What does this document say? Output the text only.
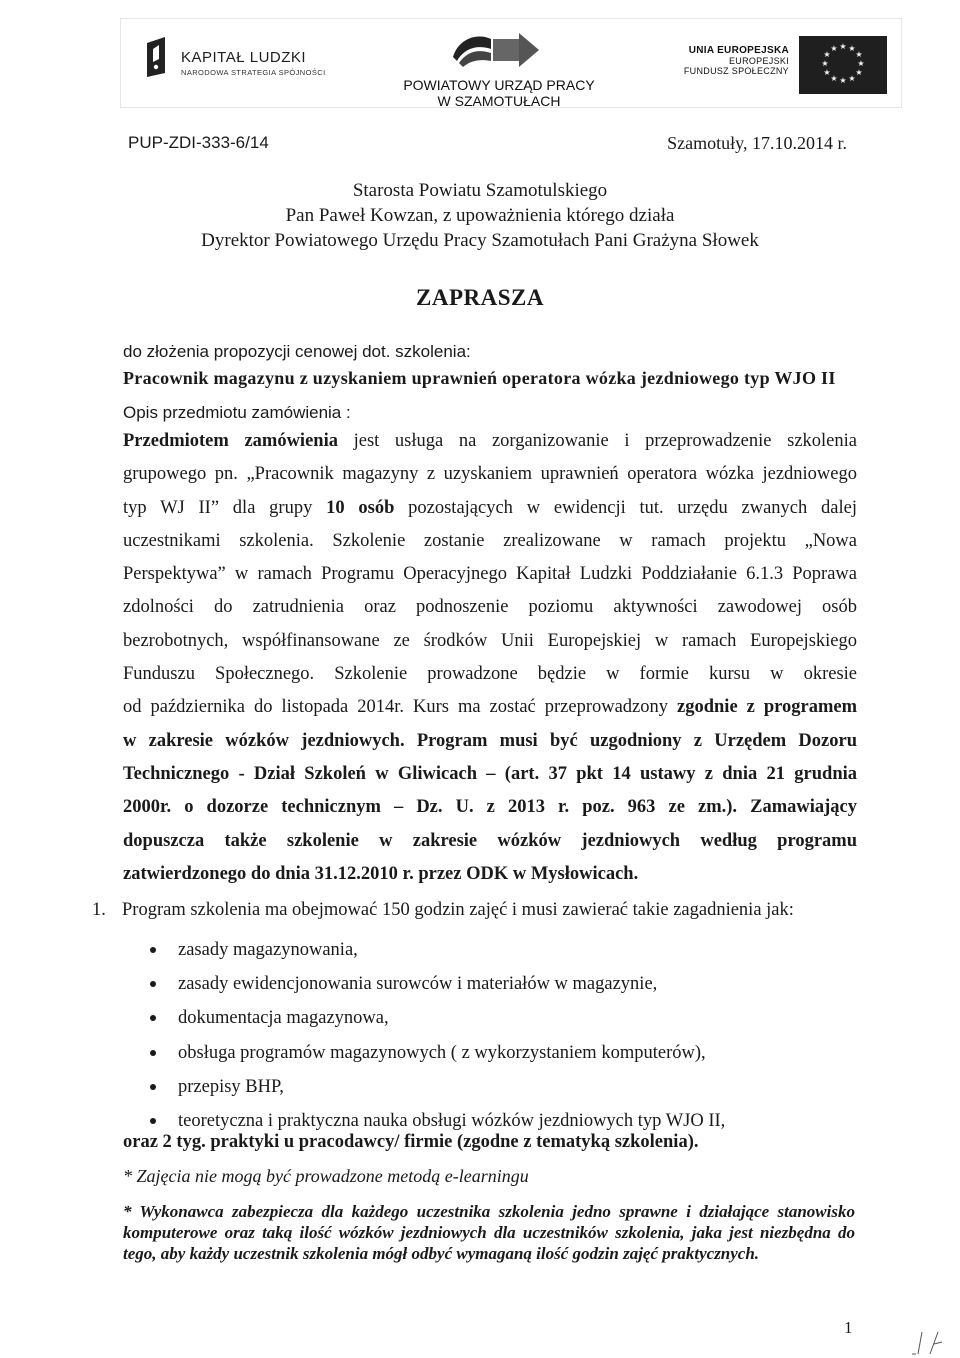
KAPITAŁ LUDZKI
NARODOWA STRATEGIA SPÓJNOŚCI
POWIATOWY URZĄD PRACY
W SZAMOTUŁACH
UNIA EUROPEJSKA
EUROPEJSKI
FUNDUSZ SPOŁECZNY
★ ★
★
★
★
★
★
★
★
★
★
★
PUP-ZDI-333-6/14	Szamotuły, 17.10.2014 r.
Starosta Powiatu Szamotulskiego
Pan Paweł Kowzan, z upoważnienia którego działa
Dyrektor Powiatowego Urzędu Pracy Szamotułach Pani Grażyna Słowek
ZAPRASZA
do złożenia propozycji cenowej dot. szkolenia:
Pracownik magazynu z uzyskaniem uprawnień operatora wózka jezdniowego typ WJO II
Opis przedmiotu zamówienia :
Przedmiotem zamówienia jest usługa na zorganizowanie i przeprowadzenie szkolenia
grupowego pn. „Pracownik magazyny z uzyskaniem uprawnień operatora wózka jezdniowego
typ WJ II” dla grupy 10 osób pozostających w ewidencji tut. urzędu zwanych dalej
uczestnikami szkolenia. Szkolenie zostanie zrealizowane w ramach projektu „Nowa
Perspektywa” w ramach Programu Operacyjnego Kapitał Ludzki Poddziałanie 6.1.3 Poprawa
zdolności do zatrudnienia oraz podnoszenie poziomu aktywności zawodowej osób
bezrobotnych, współfinansowane ze środków Unii Europejskiej w ramach Europejskiego
Funduszu Społecznego. Szkolenie prowadzone będzie w formie kursu w okresie
od października do listopada 2014r. Kurs ma zostać przeprowadzony zgodnie z programem
w zakresie wózków jezdniowych. Program musi być uzgodniony z Urzędem Dozoru
Technicznego - Dział Szkoleń w Gliwicach – (art. 37 pkt 14 ustawy z dnia 21 grudnia
2000r. o dozorze technicznym – Dz. U. z 2013 r. poz. 963 ze zm.). Zamawiający
dopuszcza także szkolenie w zakresie wózków jezdniowych według programu
zatwierdzonego do dnia 31.12.2010 r. przez ODK w Mysłowicach.
1. Program szkolenia ma obejmować 150 godzin zajęć i musi zawierać takie zagadnienia jak:
zasady magazynowania,
zasady ewidencjonowania surowców i materiałów w magazynie,
dokumentacja magazynowa,
obsługa programów magazynowych ( z wykorzystaniem komputerów),
przepisy BHP,
teoretyczna i praktyczna nauka obsługi wózków jezdniowych typ WJO II,
oraz 2 tyg. praktyki u pracodawcy/ firmie (zgodne z tematyką szkolenia).
* Zajęcia nie mogą być prowadzone metodą e-learningu
* Wykonawca zabezpiecza dla każdego uczestnika szkolenia jedno sprawne i działające stanowisko komputerowe oraz taką ilość wózków jezdniowych dla uczestników szkolenia, jaka jest niezbędna do tego, aby każdy uczestnik szkolenia mógł odbyć wymaganą ilość godzin zajęć praktycznych.
1
